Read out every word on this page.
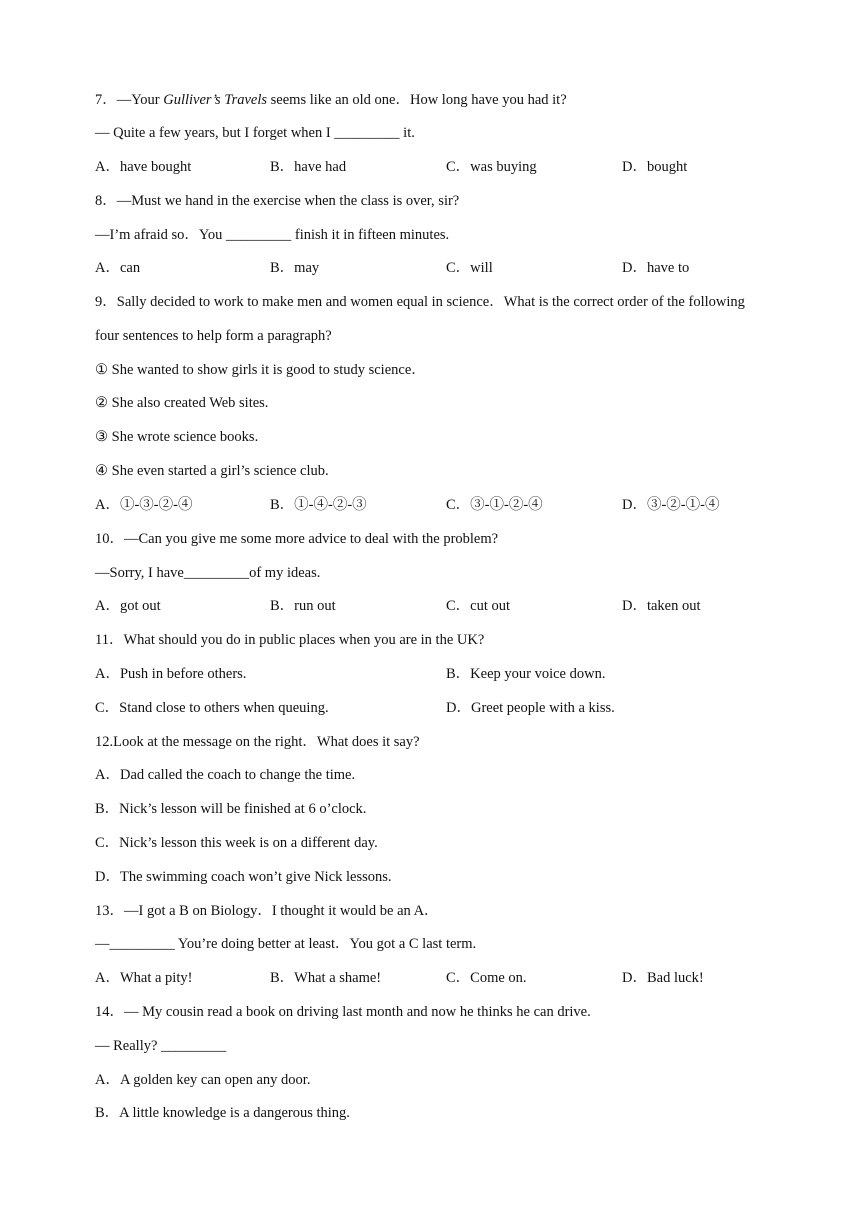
7．—Your Gulliver’s Travels seems like an old one．How long have you had it?
— Quite a few years, but I forget when I _________ it.
A．have bought	B．have had	C．was buying	D．bought
8．—Must we hand in the exercise when the class is over, sir?
—I’m afraid so．You _________ finish it in fifteen minutes.
A．can	B．may	C．will	D．have to
9．Sally decided to work to make men and women equal in science．What is the correct order of the following
four sentences to help form a paragraph?
① She wanted to show girls it is good to study science．
② She also created Web sites.
③ She wrote science books.
④ She even started a girl’s science club.
A．①-③-②-④	B．①-④-②-③	C．③-①-②-④	D．③-②-①-④
10．—Can you give me some more advice to deal with the problem?
—Sorry, I have_________of my ideas.
A．got out	B．run out	C．cut out	D．taken out
11．What should you do in public places when you are in the UK?
A．Push in before others.	B．Keep your voice down.
C．Stand close to others when queuing.	D．Greet people with a kiss.
12.Look at the message on the right．What does it say?
A．Dad called the coach to change the time.
B．Nick’s lesson will be finished at 6 o’clock.
C．Nick’s lesson this week is on a different day.
D．The swimming coach won’t give Nick lessons.
13．—I got a B on Biology．I thought it would be an A．
—_________ You’re doing better at least．You got a C last term.
A．What a pity!	B．What a shame!	C．Come on.	D．Bad luck!
14．— My cousin read a book on driving last month and now he thinks he can drive.
— Really? _________
A．A golden key can open any door.
B．A little knowledge is a dangerous thing.
